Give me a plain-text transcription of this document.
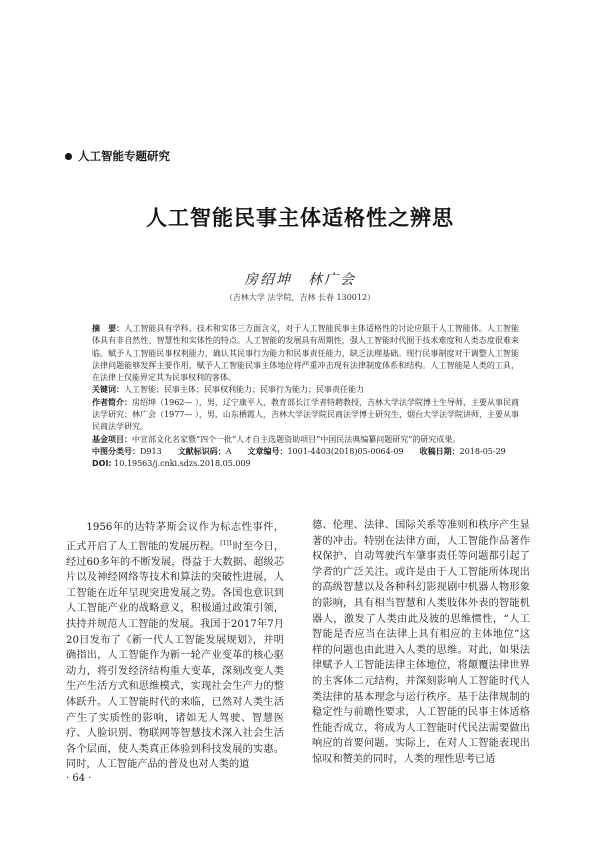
人工智能专题研究
人工智能民事主体适格性之辨思
房绍坤　林广会
（吉林大学 法学院，吉林 长春 130012）

摘　要：人工智能具有学科、技术和实体三方面含义，对于人工智能民事主体适格性的讨论应限于人工智能体。人工智能体具有非自然性、智慧性和实体性的特点。人工智能的发展具有周期性，强人工智能时代囿于技术难度和人类态度很难来临。赋予人工智能民事权利能力，确认其民事行为能力和民事责任能力，缺乏法理基础。现行民事制度对于调整人工智能法律问题能够发挥主要作用，赋予人工智能民事主体地位将严重冲击现有法律制度体系和结构。人工智能是人类的工具，在法律上仅能界定其为民事权利的客体。

关键词：人工智能；民事主体；民事权利能力；民事行为能力；民事责任能力

作者简介：房绍坤（1962— ），男，辽宁康平人，教育部长江学者特聘教授，吉林大学法学院博士生导师，主要从事民商法学研究；林广会（1977— ），男，山东栖霞人，吉林大学法学院民商法学博士研究生，烟台大学法学院讲师，主要从事民商法学研究。

基金项目：中宣部文化名家暨“四个一批”人才自主选题资助项目“中国民法典编纂问题研究”的研究成果。

中图分类号：D913 文献标识码：A 文章编号：1001-4403(2018)05-0064-09 收稿日期：2018-05-29

DOI: 10.19563/j.cnki.sdzs.2018.05.009

1956年的达特茅斯会议作为标志性事件，正式开启了人工智能的发展历程。$^{[1]1}$时至今日，经过60多年的不断发展，得益于大数据、超级芯片以及神经网络等技术和算法的突破性进展，人工智能在近年呈现突进发展之势。各国也意识到人工智能产业的战略意义，积极通过政策引领，扶持并规范人工智能的发展。我国于2017年7月20日发布了《新一代人工智能发展规划》，并明确指出，人工智能作为新一轮产业变革的核心驱动力，将引发经济结构重大变革，深刻改变人类生产生活方式和思维模式，实现社会生产力的整体跃升。人工智能时代的来临，已然对人类生活产生了实质性的影响，诸如无人驾驶、智慧医疗、人脸识别、物联网等智慧技术深入社会生活各个层面，使人类真正体验到科技发展的实惠。同时，人工智能产品的普及也对人类的道

德、伦理、法律、国际关系等准则和秩序产生显著的冲击。特别在法律方面，人工智能作品著作权保护、自动驾驶汽车肇事责任等问题都引起了学者的广泛关注。或许是由于人工智能所体现出的高级智慧以及各种科幻影视剧中机器人物形象的影响，具有相当智慧和人类肢体外表的智能机器人，激发了人类由此及彼的思维惯性，“人工智能是否应当在法律上具有相应的主体地位”这样的问题也由此进入人类的思维。对此，如果法律赋予人工智能法律主体地位，将颠覆法律世界的主客体二元结构，并深刻影响人工智能时代人类法律的基本理念与运行秩序。基于法律规制的稳定性与前瞻性要求，人工智能的民事主体适格性能否成立，将成为人工智能时代民法需要做出响应的首要问题。实际上，在对人工智能表现出惊叹和赞美的同时，人类的理性思考已适

· 64 ·
